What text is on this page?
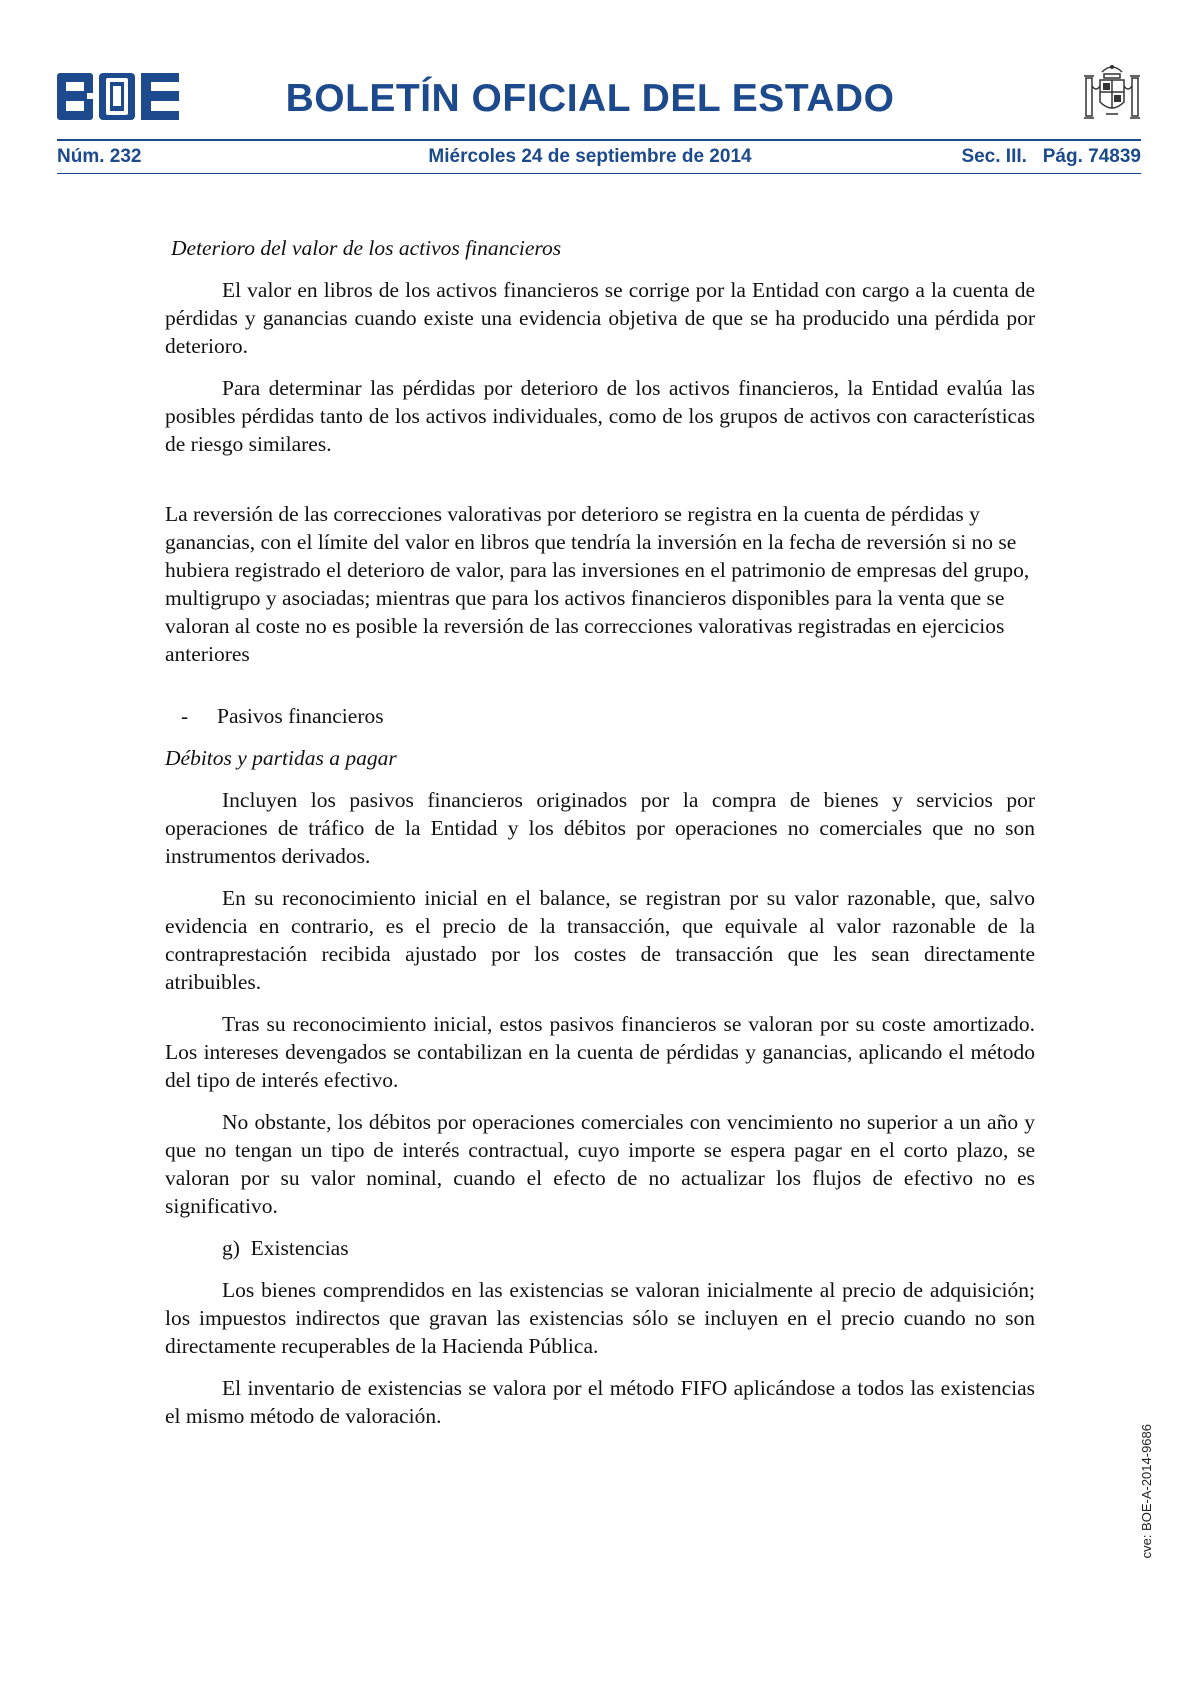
BOLETÍN OFICIAL DEL ESTADO
Núm. 232	Miércoles 24 de septiembre de 2014	Sec. III.   Pág. 74839

Deterioro del valor de los activos financieros

El valor en libros de los activos financieros se corrige por la Entidad con cargo a la cuenta de pérdidas y ganancias cuando existe una evidencia objetiva de que se ha producido una pérdida por deterioro.

Para determinar las pérdidas por deterioro de los activos financieros, la Entidad evalúa las posibles pérdidas tanto de los activos individuales, como de los grupos de activos con características de riesgo similares.

La reversión de las correcciones valorativas por deterioro se registra en la cuenta de pérdidas y ganancias, con el límite del valor en libros que tendría la inversión en la fecha de reversión si no se hubiera registrado el deterioro de valor, para las inversiones en el patrimonio de empresas del grupo, multigrupo y asociadas; mientras que para los activos financieros disponibles para la venta que se valoran al coste no es posible la reversión de las correcciones valorativas registradas en ejercicios anteriores

- Pasivos financieros

Débitos y partidas a pagar

Incluyen los pasivos financieros originados por la compra de bienes y servicios por operaciones de tráfico de la Entidad y los débitos por operaciones no comerciales que no son instrumentos derivados.

En su reconocimiento inicial en el balance, se registran por su valor razonable, que, salvo evidencia en contrario, es el precio de la transacción, que equivale al valor razonable de la contraprestación recibida ajustado por los costes de transacción que les sean directamente atribuibles.

Tras su reconocimiento inicial, estos pasivos financieros se valoran por su coste amortizado. Los intereses devengados se contabilizan en la cuenta de pérdidas y ganancias, aplicando el método del tipo de interés efectivo.

No obstante, los débitos por operaciones comerciales con vencimiento no superior a un año y que no tengan un tipo de interés contractual, cuyo importe se espera pagar en el corto plazo, se valoran por su valor nominal, cuando el efecto de no actualizar los flujos de efectivo no es significativo.

g)  Existencias

Los bienes comprendidos en las existencias se valoran inicialmente al precio de adquisición; los impuestos indirectos que gravan las existencias sólo se incluyen en el precio cuando no son directamente recuperables de la Hacienda Pública.

El inventario de existencias se valora por el método FIFO aplicándose a todos las existencias el mismo método de valoración.

cve: BOE-A-2014-9686
